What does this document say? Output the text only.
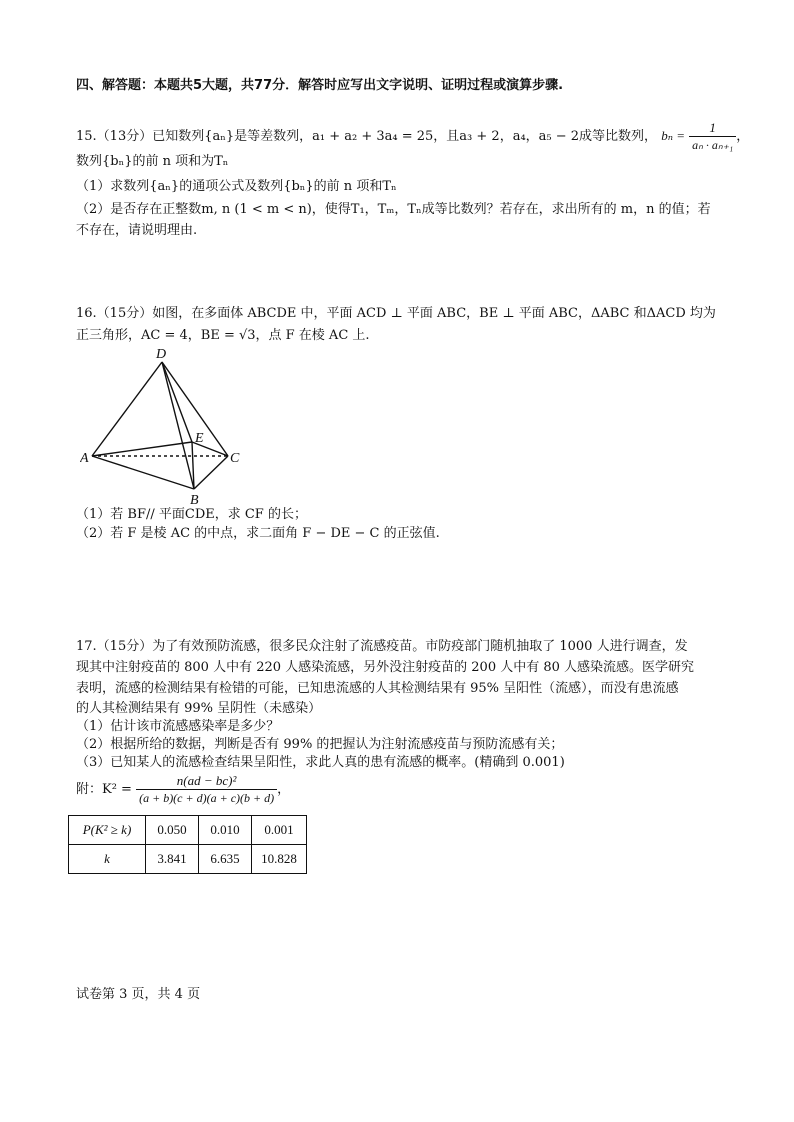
四、解答题：本题共5大题，共77分．解答时应写出文字说明、证明过程或演算步骤.
15.（13分）已知数列{aₙ}是等差数列，a₁ + a₂ + 3a₄ = 25，且a₃ + 2，a₄，a₅ − 2成等比数列， $b_n = \frac{1}{\text{aₙ · aₙ₊₁}}$ ，
数列{bₙ}的前 n 项和为Tₙ
（1）求数列{aₙ}的通项公式及数列{bₙ}的前 n 项和Tₙ
（2）是否存在正整数m, n (1 < m < n)，使得T₁，Tₘ，Tₙ成等比数列？若存在，求出所有的 m，n 的值；若
不存在，请说明理由.
16.（15分）如图，在多面体 ABCDE 中，平面 ACD ⊥ 平面 ABC，BE ⊥ 平面 ABC，ΔABC 和ΔACD 均为
正三角形，AC = 4，BE = √3，点 F 在棱 AC 上.
D
E
A	C
B
（1）若 BF// 平面CDE，求 CF 的长；
（2）若 F 是棱 AC 的中点，求二面角 F − DE − C 的正弦值.
17.（15分）为了有效预防流感，很多民众注射了流感疫苗。市防疫部门随机抽取了 1000 人进行调查，发
现其中注射疫苗的 800 人中有 220 人感染流感，另外没注射疫苗的 200 人中有 80 人感染流感。医学研究
表明，流感的检测结果有检错的可能，已知患流感的人其检测结果有 95% 呈阳性（流感），而没有患流感
的人其检测结果有 99% 呈阴性（未感染）
（1）估计该市流感感染率是多少？
（2）根据所给的数据，判断是否有 99% 的把握认为注射流感疫苗与预防流感有关；
（3）已知某人的流感检查结果呈阳性，求此人真的患有流感的概率。(精确到 0.001)
附：$K^2 = \frac{\text{n(ad − bc)²}}{(a + b)(c + d)(a + c)(b + d)}$ ，
P(K² ≥ k)	0.050	0.010	0.001
k	3.841	6.635	10.828
试卷第 3 页，共 4 页
